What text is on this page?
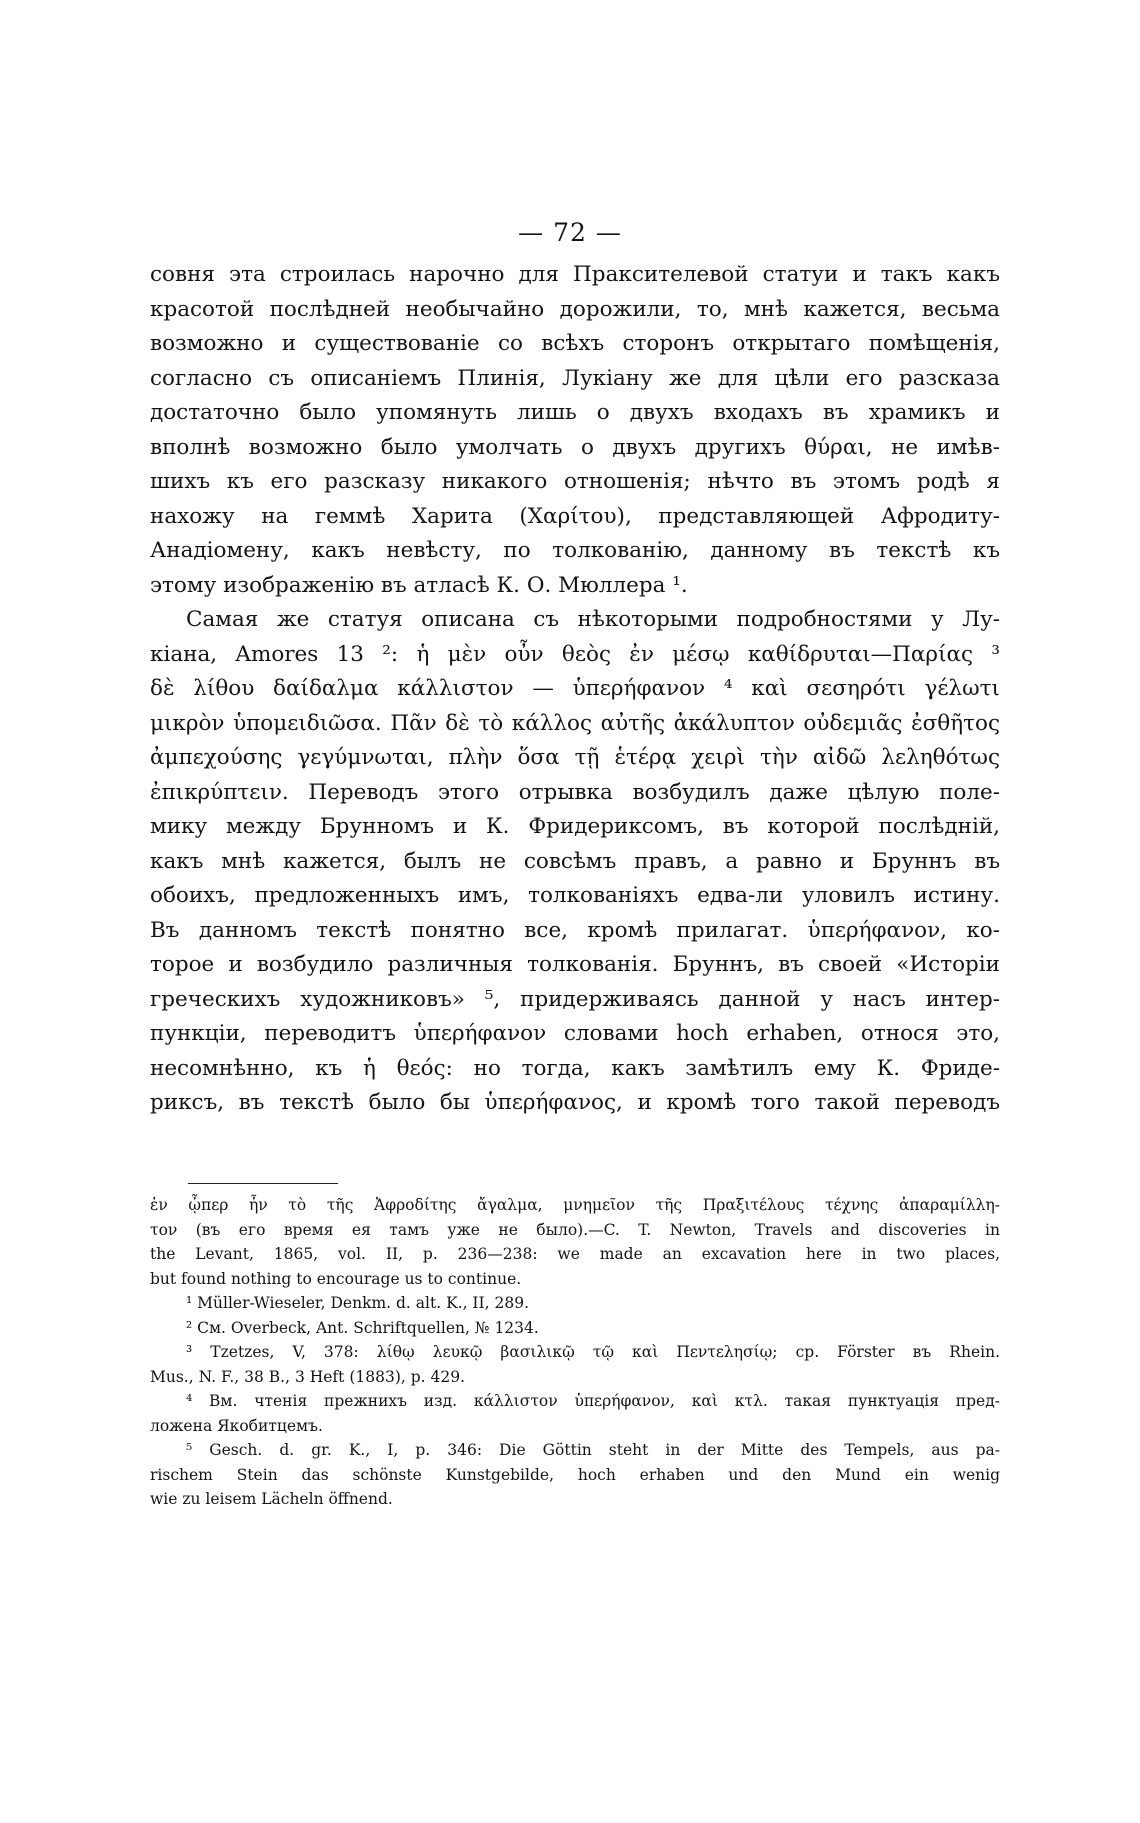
— 72 —
совня эта строилась нарочно для Праксителевой статуи и такъ какъ
красотой послѣдней необычайно дорожили, то, мнѣ кажется, весьма
возможно и существованіе со всѣхъ сторонъ открытаго помѣщенія,
согласно съ описаніемъ Плинія, Лукіану же для цѣли его разсказа
достаточно было упомянуть лишь о двухъ входахъ въ храмикъ и
вполнѣ возможно было умолчать о двухъ другихъ θύραι, не имѣв-
шихъ къ его разсказу никакого отношенія; нѣчто въ этомъ родѣ я
нахожу на геммѣ Харита (Χαρίτου), представляющей Афродиту-
Анадіомену, какъ невѣсту, по толкованію, данному въ текстѣ къ
этому изображенію въ атласѣ К. О. Мюллера ¹.
Самая же статуя описана съ нѣкоторыми подробностями у Лу-
кіана, Amores 13 ²: ἡ μὲν οὖν θεὸς ἐν μέσῳ καθίδρυται—Παρίας ³
δὲ λίθου δαίδαλμα κάλλιστον — ὑπερήφανον ⁴ καὶ σεσηρότι γέλωτι
μικρὸν ὑπομειδιῶσα. Πᾶν δὲ τὸ κάλλος αὐτῆς ἀκάλυπτον οὐδεμιᾶς ἐσθῆτος
ἀμπεχούσης γεγύμνωται, πλὴν ὅσα τῇ ἑτέρᾳ χειρὶ τὴν αἰδῶ λεληθότως
ἐπικρύπτειν. Переводъ этого отрывка возбудилъ даже цѣлую поле-
мику между Брунномъ и К. Фридериксомъ, въ которой послѣдній,
какъ мнѣ кажется, былъ не совсѣмъ правъ, а равно и Бруннъ въ
обоихъ, предложенныхъ имъ, толкованіяхъ едва-ли уловилъ истину.
Въ данномъ текстѣ понятно все, кромѣ прилагат. ὑπερήφανον, ко-
торое и возбудило различныя толкованія. Бруннъ, въ своей «Исторіи
греческихъ художниковъ» ⁵, придерживаясь данной у насъ интер-
пункціи, переводитъ ὑπερήφανον словами hoch erhaben, относя это,
несомнѣнно, къ ἡ θεός: но тогда, какъ замѣтилъ ему К. Фриде-
риксъ, въ текстѣ было бы ὑπερήφανος, и кромѣ того такой переводъ
ἐν ᾧπερ ἦν τὸ τῆς Ἀφροδίτης ἄγαλμα, μνημεῖον τῆς Πραξιτέλους τέχνης ἀπαραμίλλη-
τον (въ его время ея тамъ уже не было).—C. T. Newton, Travels and discoveries in
the Levant, 1865, vol. II, p. 236—238: we made an excavation here in two places,
but found nothing to encourage us to continue.
¹ Müller-Wieseler, Denkm. d. alt. K., II, 289.
² См. Overbeck, Ant. Schriftquellen, № 1234.
³ Tzetzes, V, 378: λίθῳ λευκῷ βασιλικῷ τῷ καὶ Πεντελησίῳ; cp. Förster въ Rhein.
Mus., N. F., 38 B., 3 Heft (1883), p. 429.
⁴ Вм. чтенія прежнихъ изд. κάλλιστον ὑπερήφανον, καὶ κτλ. такая пунктуація пред-
ложена Якобитцемъ.
⁵ Gesch. d. gr. K., I, p. 346: Die Göttin steht in der Mitte des Tempels, aus pa-
rischem Stein das schönste Kunstgebilde, hoch erhaben und den Mund ein wenig
wie zu leisem Lächeln öffnend.
